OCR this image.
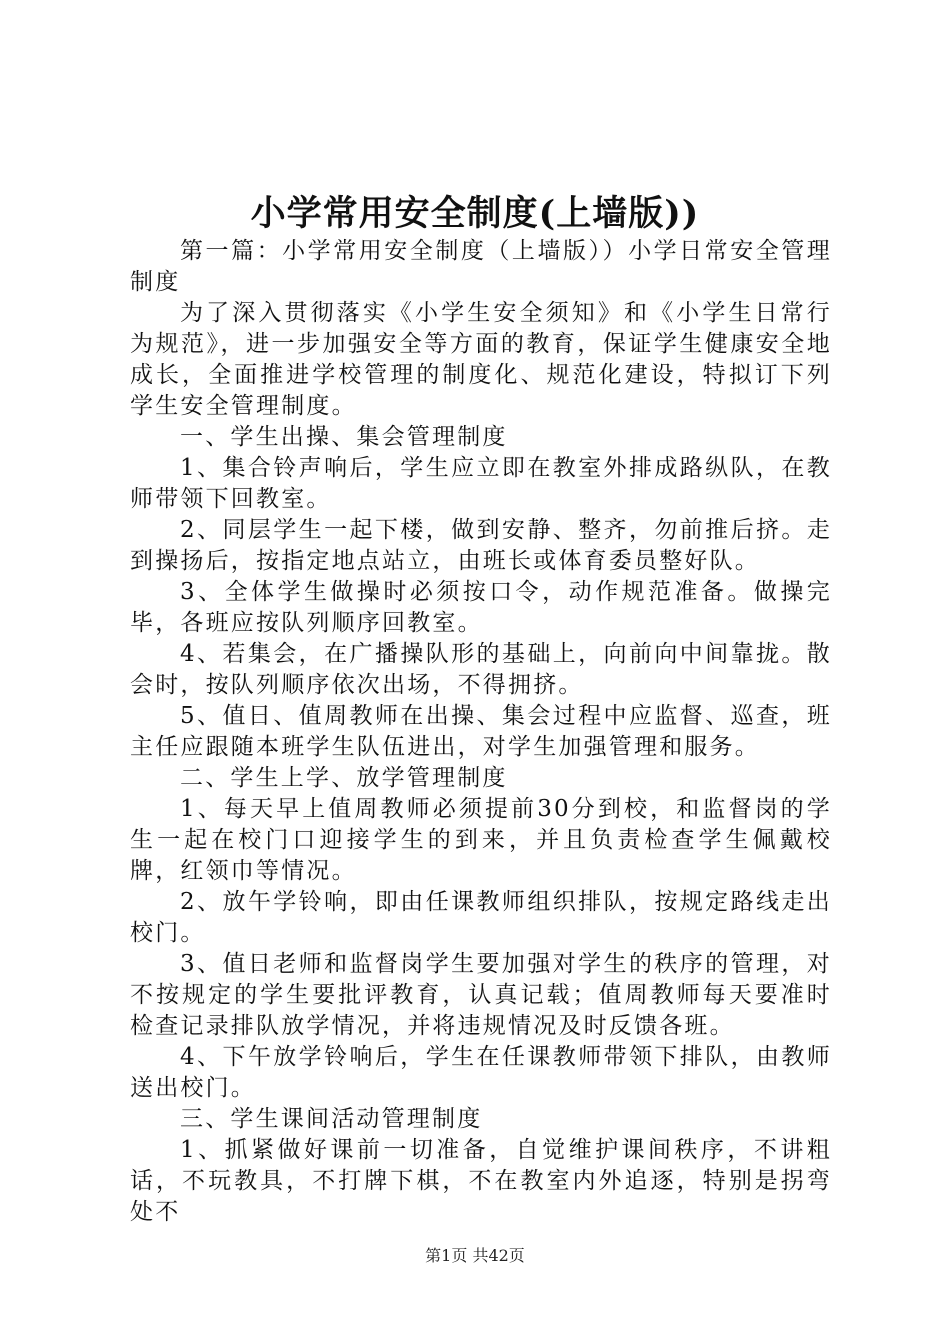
小学常用安全制度(上墙版))

第一篇：小学常用安全制度（上墙版））小学日常安全管理制度

为了深入贯彻落实《小学生安全须知》和《小学生日常行为规范》，进一步加强安全等方面的教育，保证学生健康安全地成长，全面推进学校管理的制度化、规范化建设，特拟订下列学生安全管理制度。

一、学生出操、集会管理制度

1、集合铃声响后，学生应立即在教室外排成路纵队，在教师带领下回教室。

2、同层学生一起下楼，做到安静、整齐，勿前推后挤。走到操扬后，按指定地点站立，由班长或体育委员整好队。

3、全体学生做操时必须按口令，动作规范准备。做操完毕，各班应按队列顺序回教室。

4、若集会，在广播操队形的基础上，向前向中间靠拢。散会时，按队列顺序依次出场，不得拥挤。

5、值日、值周教师在出操、集会过程中应监督、巡查，班主任应跟随本班学生队伍进出，对学生加强管理和服务。

二、学生上学、放学管理制度

1、每天早上值周教师必须提前30分到校，和监督岗的学生一起在校门口迎接学生的到来，并且负责检查学生佩戴校牌，红领巾等情况。

2、放午学铃响，即由任课教师组织排队，按规定路线走出校门。

3、值日老师和监督岗学生要加强对学生的秩序的管理，对不按规定的学生要批评教育，认真记载；值周教师每天要准时检查记录排队放学情况，并将违规情况及时反馈各班。

4、下午放学铃响后，学生在任课教师带领下排队，由教师送出校门。

三、学生课间活动管理制度

1、抓紧做好课前一切准备，自觉维护课间秩序，不讲粗话，不玩教具，不打牌下棋，不在教室内外追逐，特别是拐弯处不

第1页 共42页
